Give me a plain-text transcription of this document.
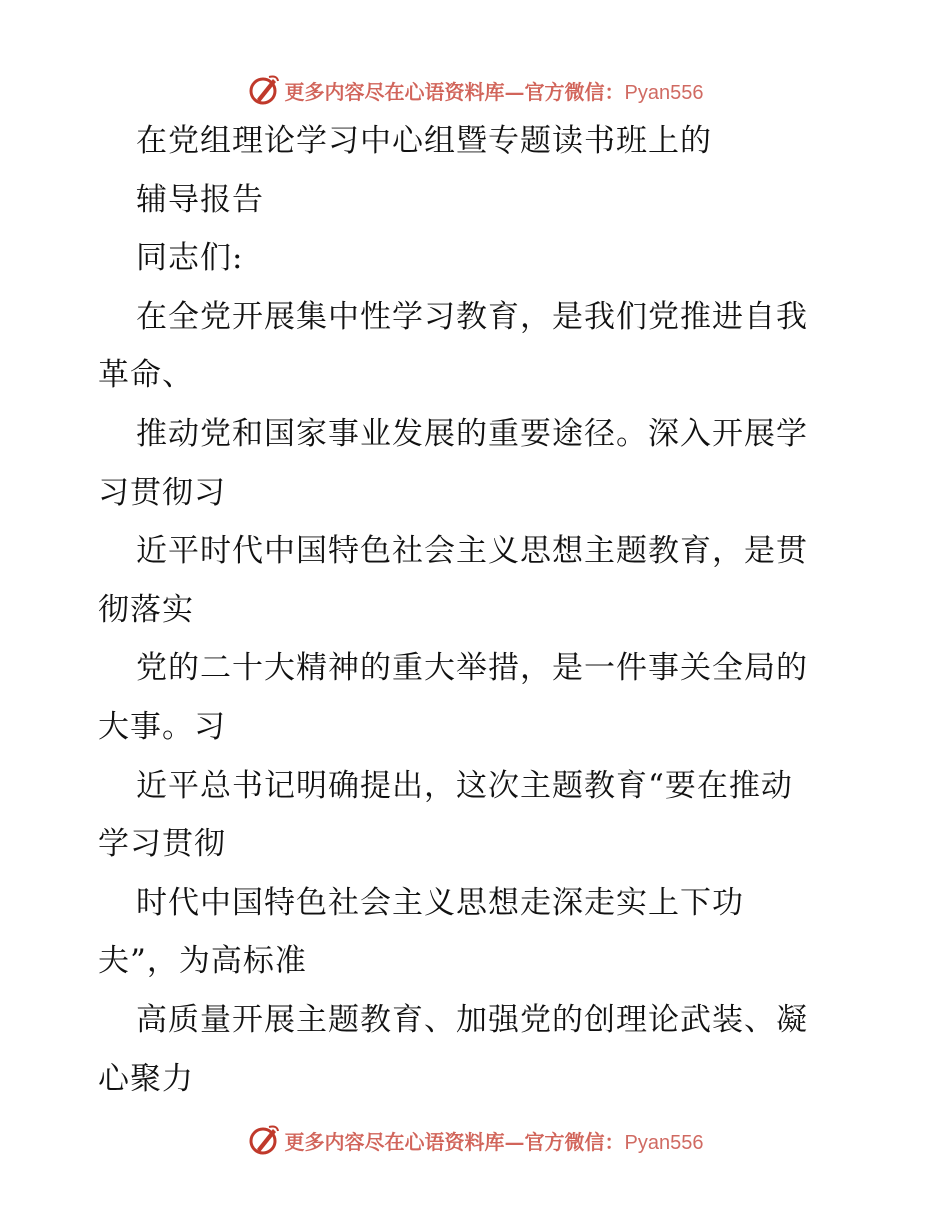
更多内容尽在心语资料库—官方微信：Pyan556
在党组理论学习中心组暨专题读书班上的
辅导报告
同志们:
在全党开展集中性学习教育，是我们党推进自我
革命、
推动党和国家事业发展的重要途径。深入开展学
习贯彻习
近平时代中国特色社会主义思想主题教育，是贯
彻落实
党的二十大精神的重大举措，是一件事关全局的
大事。习
近平总书记明确提出，这次主题教育“要在推动
学习贯彻
时代中国特色社会主义思想走深走实上下功
夫”，为高标准
高质量开展主题教育、加强党的创理论武装、凝
心聚力
更多内容尽在心语资料库—官方微信：Pyan556
